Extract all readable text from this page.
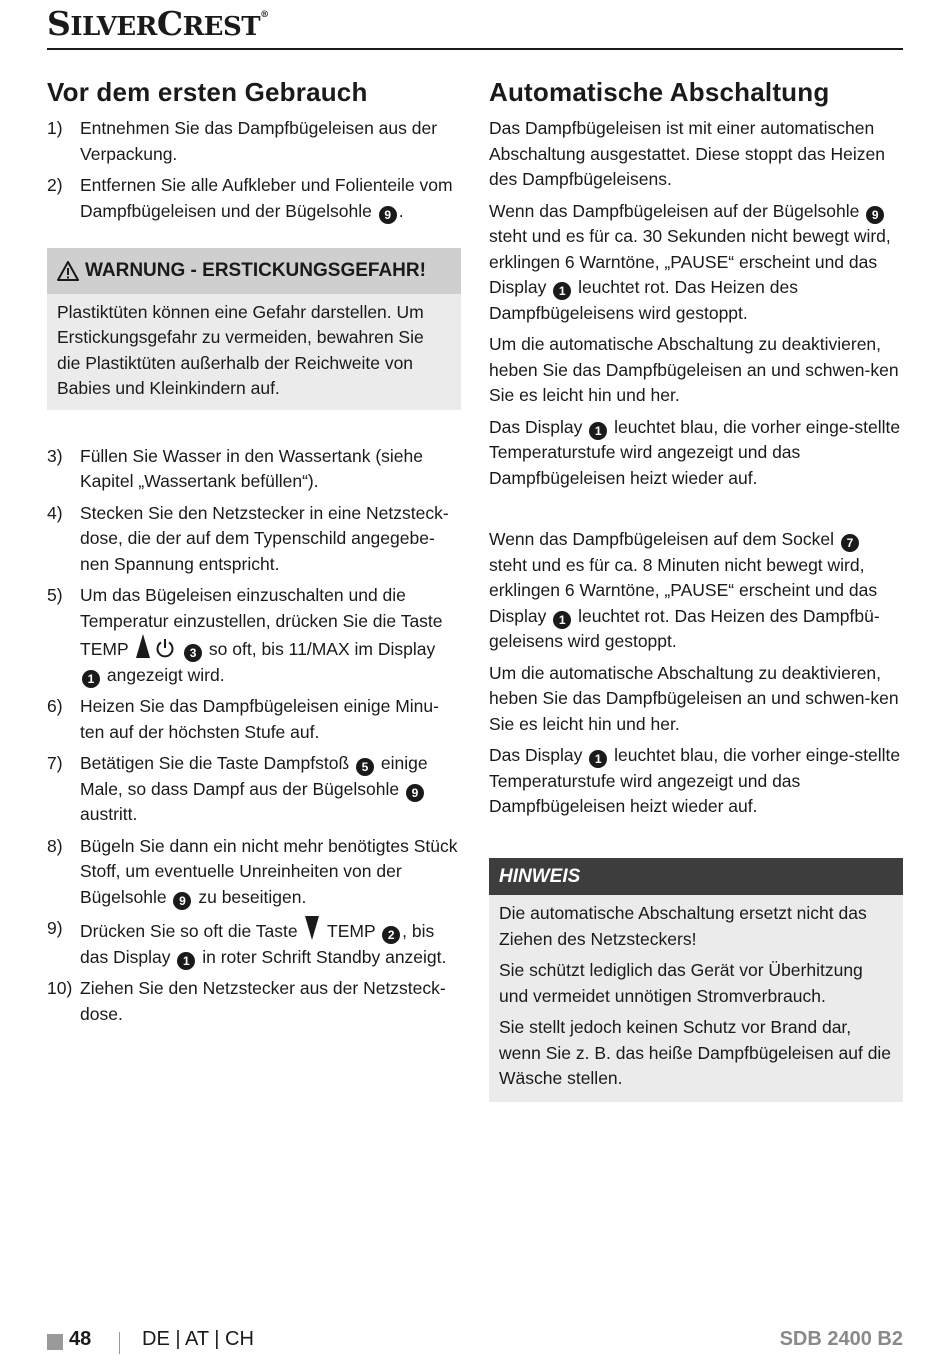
SILVERCREST®
Vor dem ersten Gebrauch
1) Entnehmen Sie das Dampfbügeleisen aus der Verpackung.
2) Entfernen Sie alle Aufkleber und Folienteile vom Dampfbügeleisen und der Bügelsohle 9 .
WARNUNG - ERSTICKUNGSGEFAHR!
Plastiktüten können eine Gefahr darstellen. Um Erstickungsgefahr zu vermeiden, bewahren Sie die Plastiktüten außerhalb der Reichweite von Babies und Kleinkindern auf.
3) Füllen Sie Wasser in den Wassertank (siehe Kapitel „Wassertank befüllen“).
4) Stecken Sie den Netzstecker in eine Netzsteck-dose, die der auf dem Typenschild angegebe-nen Spannung entspricht.
5) Um das Bügeleisen einzuschalten und die Temperatur einzustellen, drücken Sie die Taste TEMP	3 so oft, bis 11/MAX im Display 1 angezeigt wird.
6) Heizen Sie das Dampfbügeleisen einige Minu-ten auf der höchsten Stufe auf.
7) Betätigen Sie die Taste Dampfstoß 5 einige Male, so dass Dampf aus der Bügelsohle 9 austritt.
8) Bügeln Sie dann ein nicht mehr benötigtes Stück Stoff, um eventuelle Unreinheiten von der Bügelsohle 9 zu beseitigen.
9) Drücken Sie so oft die Taste TEMP 2 , bis das Display 1 in roter Schrift Standby anzeigt.
10) Ziehen Sie den Netzstecker aus der Netzsteck-dose.
Automatische Abschaltung

Das Dampfbügeleisen ist mit einer automatischen Abschaltung ausgestattet. Diese stoppt das Heizen des Dampfbügeleisens.

Wenn das Dampfbügeleisen auf der Bügelsohle 9 steht und es für ca. 30 Sekunden nicht bewegt wird, erklingen 6 Warntöne, „PAUSE“ erscheint und das Display 1 leuchtet rot. Das Heizen des Dampfbügeleisens wird gestoppt.

Um die automatische Abschaltung zu deaktivieren, heben Sie das Dampfbügeleisen an und schwen-ken Sie es leicht hin und her.

Das Display 1 leuchtet blau, die vorher einge-stellte Temperaturstufe wird angezeigt und das Dampfbügeleisen heizt wieder auf.

Wenn das Dampfbügeleisen auf dem Sockel 7 steht und es für ca. 8 Minuten nicht bewegt wird, erklingen 6 Warntöne, „PAUSE“ erscheint und das Display 1 leuchtet rot. Das Heizen des Dampfbü-geleisens wird gestoppt.

Um die automatische Abschaltung zu deaktivieren, heben Sie das Dampfbügeleisen an und schwen-ken Sie es leicht hin und her.

Das Display 1 leuchtet blau, die vorher einge-stellte Temperaturstufe wird angezeigt und das Dampfbügeleisen heizt wieder auf.

HINWEIS

Die automatische Abschaltung ersetzt nicht das Ziehen des Netzsteckers!

Sie schützt lediglich das Gerät vor Überhitzung und vermeidet unnötigen Stromverbrauch.

Sie stellt jedoch keinen Schutz vor Brand dar, wenn Sie z. B. das heiße Dampfbügeleisen auf die Wäsche stellen.

48	DE | AT | CH	SDB 2400 B2
